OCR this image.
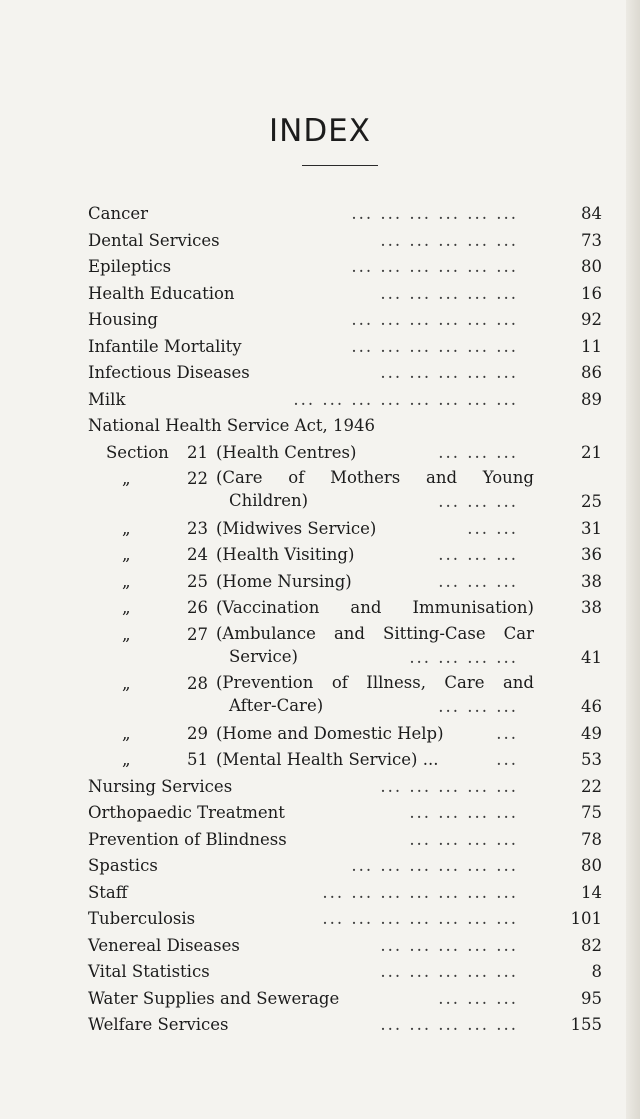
INDEX
Cancer	... ... ... ... ... ...	84
Dental Services	... ... ... ... ...	73
Epileptics	... ... ... ... ... ...	80
Health Education	... ... ... ... ...	16
Housing	... ... ... ... ... ...	92
Infantile Mortality	... ... ... ... ... ...	11
Infectious Diseases	... ... ... ... ...	86
Milk	... ... ... ... ... ... ... ...	89
National Health Service Act, 1946
Section	21 (Health Centres)	... ... ...	21
„	22 (Care of Mothers and Young
Children)	... ... ...	25
„	23 (Midwives Service)	... ...	31
„	24 (Health Visiting)	... ... ...	36
„	25 (Home Nursing)	... ... ...	38
„	26 (Vaccination and Immunisation)	38
„	27 (Ambulance and Sitting-Case Car
Service)	... ... ... ...	41
„	28 (Prevention of Illness, Care and
After-Care)	... ... ...	46
„	29 (Home and Domestic Help)	...	49
„	51 (Mental Health Service) ...	...	53
Nursing Services	... ... ... ... ...	22
Orthopaedic Treatment	... ... ... ...	75
Prevention of Blindness	... ... ... ...	78
Spastics	... ... ... ... ... ...	80
Staff	... ... ... ... ... ... ...	14
Tuberculosis	... ... ... ... ... ... ...	101
Venereal Diseases	... ... ... ... ...	82
Vital Statistics	... ... ... ... ...	8
Water Supplies and Sewerage	... ... ...	95
Welfare Services	... ... ... ... ...	155
